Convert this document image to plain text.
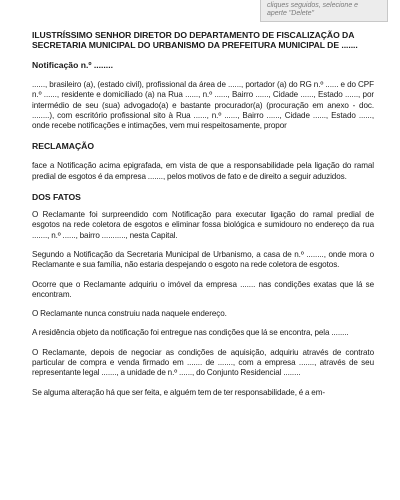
cliques seguidos, selecione e
aperte "Delete"

ILUSTRÍSSIMO SENHOR DIRETOR DO DEPARTAMENTO DE FISCALIZAÇÃO DA SECRETARIA MUNICIPAL DO URBANISMO DA PREFEITURA MUNICIPAL DE .......

Notificação n.º ........

......, brasileiro (a), (estado civil), profissional da área de ......, portador (a) do RG n.º ...... e do CPF n.º ......, residente e domiciliado (a) na Rua ......, n.º ......, Bairro ......, Cidade ......, Estado ......, por intermédio de seu (sua) advogado(a) e bastante procurador(a) (procuração em anexo - doc. ........), com escritório profissional sito à Rua ......, n.º ......, Bairro ......, Cidade ......, Estado ......, onde recebe notificações e intimações, vem mui respeitosamente, propor

RECLAMAÇÃO

face a Notificação acima epigrafada, em vista de que a responsabilidade pela ligação do ramal predial de esgotos é da empresa ......., pelos motivos de fato e de direito a seguir aduzidos.

DOS FATOS

O Reclamante foi surpreendido com Notificação para executar ligação do ramal predial de esgotos na rede coletora de esgotos e eliminar fossa biológica e sumidouro no endereço da rua ......., n.º ......, bairro ..........., nesta Capital.

Segundo a Notificação da Secretaria Municipal de Urbanismo, a casa de n.º ........, onde mora o Reclamante e sua família, não estaria despejando o esgoto na rede coletora de esgotos.

Ocorre que o Reclamante adquiriu o imóvel da empresa ....... nas condições exatas que lá se encontram.

O Reclamante nunca construiu nada naquele endereço.

A residência objeto da notificação foi entregue nas condições que lá se encontra, pela ........

O Reclamante, depois de negociar as condições de aquisição, adquiriu através de contrato particular de compra e venda firmado em ....... de ......., com a empresa ......., através de seu representante legal ......., a unidade de n.º ......, do Conjunto Residencial ........

Se alguma alteração há que ser feita, e alguém tem de ter responsabilidade, é a em-
